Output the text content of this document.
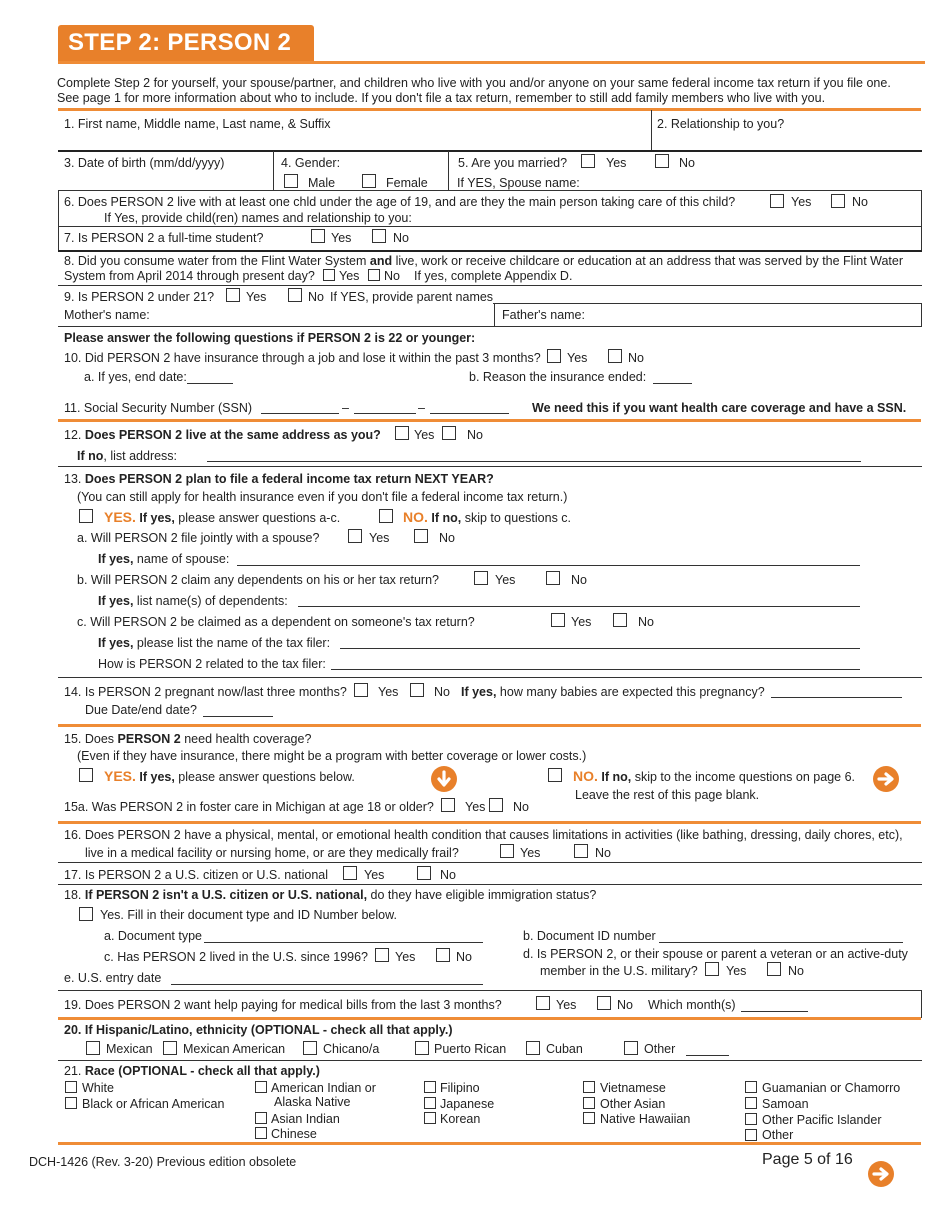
STEP 2: PERSON 2
Complete Step 2 for yourself, your spouse/partner, and children who live with you and/or anyone on your same federal income tax return if you file one.
See page 1 for more information about who to include. If you don't file a tax return, remember to still add family members who live with you.
1. First name, Middle name, Last name, & Suffix	2. Relationship to you?
3. Date of birth (mm/dd/yyyy)	4. Gender:
Male	Female
5. Are you married?	Yes	No
If YES, Spouse name:
6. Does PERSON 2 live with at least one chld under the age of 19, and are they the main person taking care of this child?
If Yes, provide child(ren) names and relationship to you:
Yes	No
7. Is PERSON 2 a full-time student?	Yes	No
8. Did you consume water from the Flint Water System and live, work or receive childcare or education at an address that was served by the Flint Water
System from April 2014 through present day? Yes No If yes, complete Appendix D.
9. Is PERSON 2 under 21?	Yes	No If YES, provide parent names
Mother's name:	Father's name:
Please answer the following questions if PERSON 2 is 22 or younger:
10. Did PERSON 2 have insurance through a job and lose it within the past 3 months? Yes	No
a. If yes, end date:	b. Reason the insurance ended:
11. Social Security Number (SSN)	–	–	We need this if you want health care coverage and have a SSN.
12. Does PERSON 2 live at the same address as you?	Yes	No
If no, list address:
13. Does PERSON 2 plan to file a federal income tax return NEXT YEAR?
(You can still apply for health insurance even if you don't file a federal income tax return.)
YES. If yes, please answer questions a-c.	NO. If no, skip to questions c.
a. Will PERSON 2 file jointly with a spouse?	Yes	No
If yes, name of spouse:
b. Will PERSON 2 claim any dependents on his or her tax return?	Yes	No
If yes, list name(s) of dependents:
c. Will PERSON 2 be claimed as a dependent on someone's tax return?	Yes	No
If yes, please list the name of the tax filer:
How is PERSON 2 related to the tax filer:
14. Is PERSON 2 pregnant now/last three months? Yes	No If yes, how many babies are expected this pregnancy?
Due Date/end date?
15. Does PERSON 2 need health coverage?
(Even if they have insurance, there might be a program with better coverage or lower costs.)
YES. If yes, please answer questions below.	NO. If no, skip to the income questions on page 6.
Leave the rest of this page blank.
15a. Was PERSON 2 in foster care in Michigan at age 18 or older? Yes No
16. Does PERSON 2 have a physical, mental, or emotional health condition that causes limitations in activities (like bathing, dressing, daily chores, etc),
live in a medical facility or nursing home, or are they medically frail?	Yes	No
17. Is PERSON 2 a U.S. citizen or U.S. national	Yes	No
18. If PERSON 2 isn't a U.S. citizen or U.S. national, do they have eligible immigration status?
Yes. Fill in their document type and ID Number below.
a. Document type	b. Document ID number
c. Has PERSON 2 lived in the U.S. since 1996? Yes	No	d. Is PERSON 2, or their spouse or parent a veteran or an active-duty
member in the U.S. military? Yes	No
e. U.S. entry date
19. Does PERSON 2 want help paying for medical bills from the last 3 months?	Yes	No Which month(s)
20. If Hispanic/Latino, ethnicity (OPTIONAL - check all that apply.)
Mexican Mexican American	Chicano/a	Puerto Rican	Cuban	Other
21. Race (OPTIONAL - check all that apply.)
White
Black or African American
American Indian or
Alaska Native
Asian Indian
Chinese
Filipino
Japanese
Korean
Vietnamese
Other Asian
Native Hawaiian
Guamanian or Chamorro
Samoan
Other Pacific Islander
Other
DCH-1426 (Rev. 3-20) Previous edition obsolete	Page 5 of 16
